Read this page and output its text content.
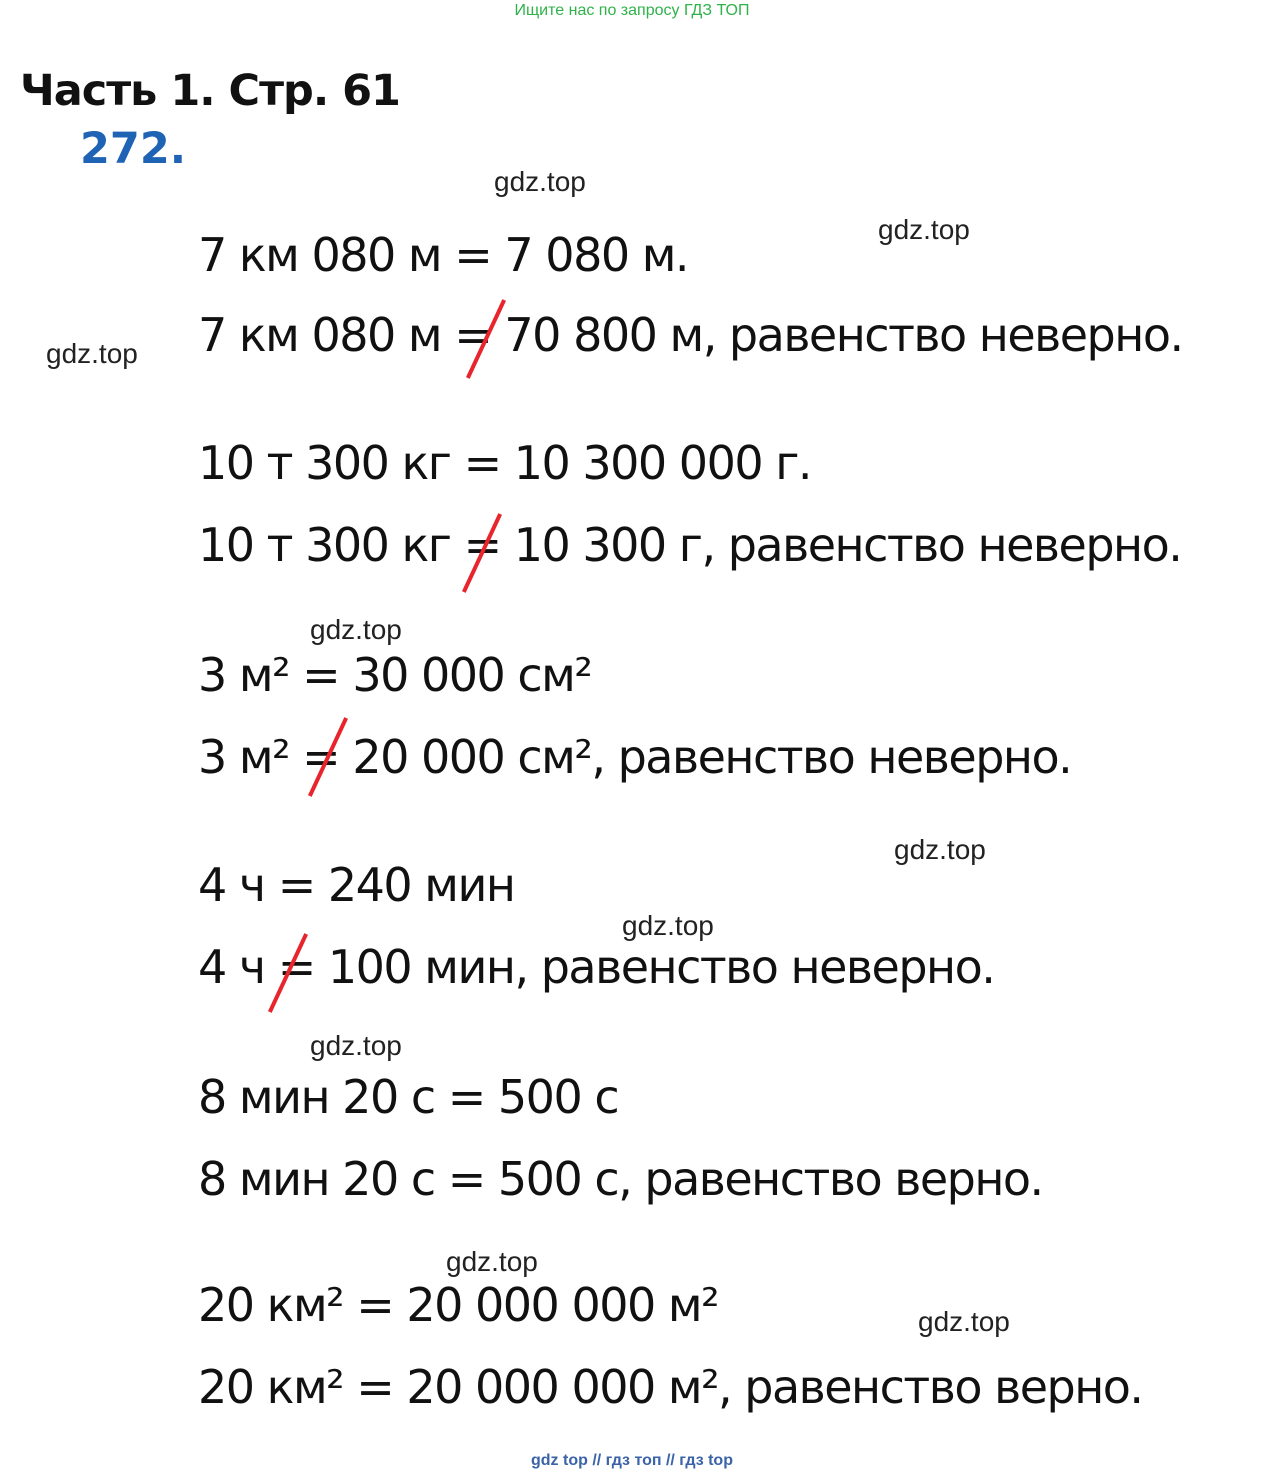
Ищите нас по запросу ГДЗ ТОП
Часть 1. Стр. 61
272.
gdz.top
gdz.top
gdz.top
gdz.top
gdz.top
gdz.top
gdz.top
gdz.top
gdz.top
7 км 080 м = 7 080 м.
7 км 080 м = 70 800 м, равенство неверно.
10 т 300 кг = 10 300 000 г.
10 т 300 кг = 10 300 г, равенство неверно.
3 м² = 30 000 см²
3 м² = 20 000 см², равенство неверно.
4 ч = 240 мин
4 ч = 100 мин, равенство неверно.
8 мин 20 с = 500 с
8 мин 20 с = 500 с, равенство верно.
20 км² = 20 000 000 м²
20 км² = 20 000 000 м², равенство верно.
gdz top // гдз топ // гдз top
